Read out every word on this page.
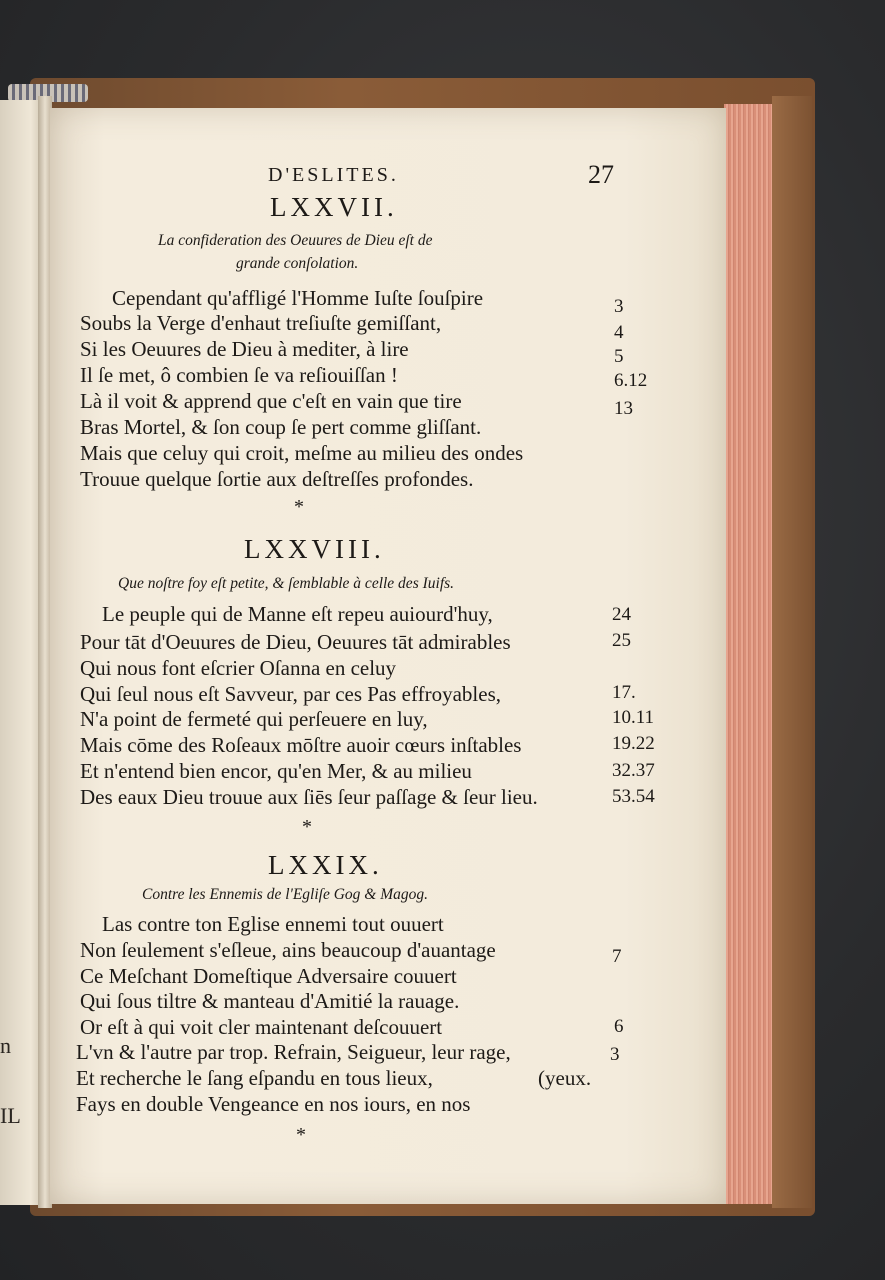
n
IL
D'ESLITES.	27
LXXVII.
La confideration des Oeuures de Dieu eſt de
grande conſolation.
Cependant qu'affligé l'Homme Iuſte ſouſpire
Soubs la Verge d'enhaut treſiuſte gemiſſant,
Si les Oeuures de Dieu à mediter, à lire
Il ſe met, ô combien ſe va reſiouiſſan !
Là il voit & apprend que c'eſt en vain que tire
Bras Mortel, & ſon coup ſe pert comme gliſſant.
Mais que celuy qui croit, meſme au milieu des ondes
Trouue quelque ſortie aux deſtreſſes profondes.
3
4
5
6.12
13
*
LXXVIII.
Que noſtre foy eſt petite, & ſemblable à celle des Iuifs.
Le peuple qui de Manne eſt repeu auiourd'huy,
Pour tāt d'Oeuures de Dieu, Oeuures tāt admirables
Qui nous font eſcrier Oſanna en celuy
Qui ſeul nous eſt Savveur, par ces Pas effroyables,
N'a point de fermeté qui perſeuere en luy,
Mais cōme des Roſeaux mōſtre auoir cœurs inſtables
Et n'entend bien encor, qu'en Mer, & au milieu
Des eaux Dieu trouue aux ſiēs ſeur paſſage & ſeur lieu.
24
25
17.
10.11
19.22
32.37
53.54
*
LXXIX.
Contre les Ennemis de l'Egliſe Gog & Magog.
Las contre ton Eglise ennemi tout ouuert
Non ſeulement s'eſleue, ains beaucoup d'auantage
Ce Meſchant Domeſtique Adversaire couuert
Qui ſous tiltre & manteau d'Amitié la rauage.
Or eſt à qui voit cler maintenant deſcouuert
L'vn & l'autre par trop. Refrain, Seigueur, leur rage,
Et recherche le ſang eſpandu en tous lieux,
Fays en double Vengeance en nos iours, en nos
7
6
3
(yeux.
*
